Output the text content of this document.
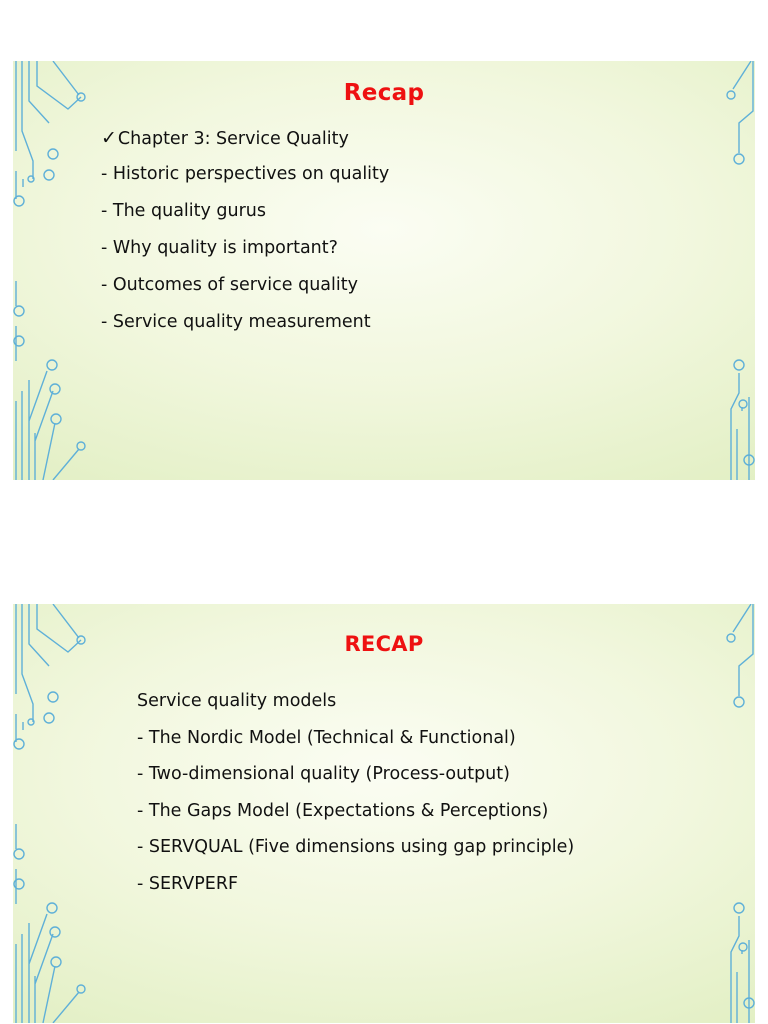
Recap
✓Chapter 3: Service Quality
- Historic perspectives on quality
- The quality gurus
- Why quality is important?
- Outcomes of service quality
- Service quality measurement
RECAP
Service quality models
- The Nordic Model (Technical & Functional)
- Two-dimensional quality (Process-output)
- The Gaps Model (Expectations & Perceptions)
- SERVQUAL (Five dimensions using gap principle)
- SERVPERF
